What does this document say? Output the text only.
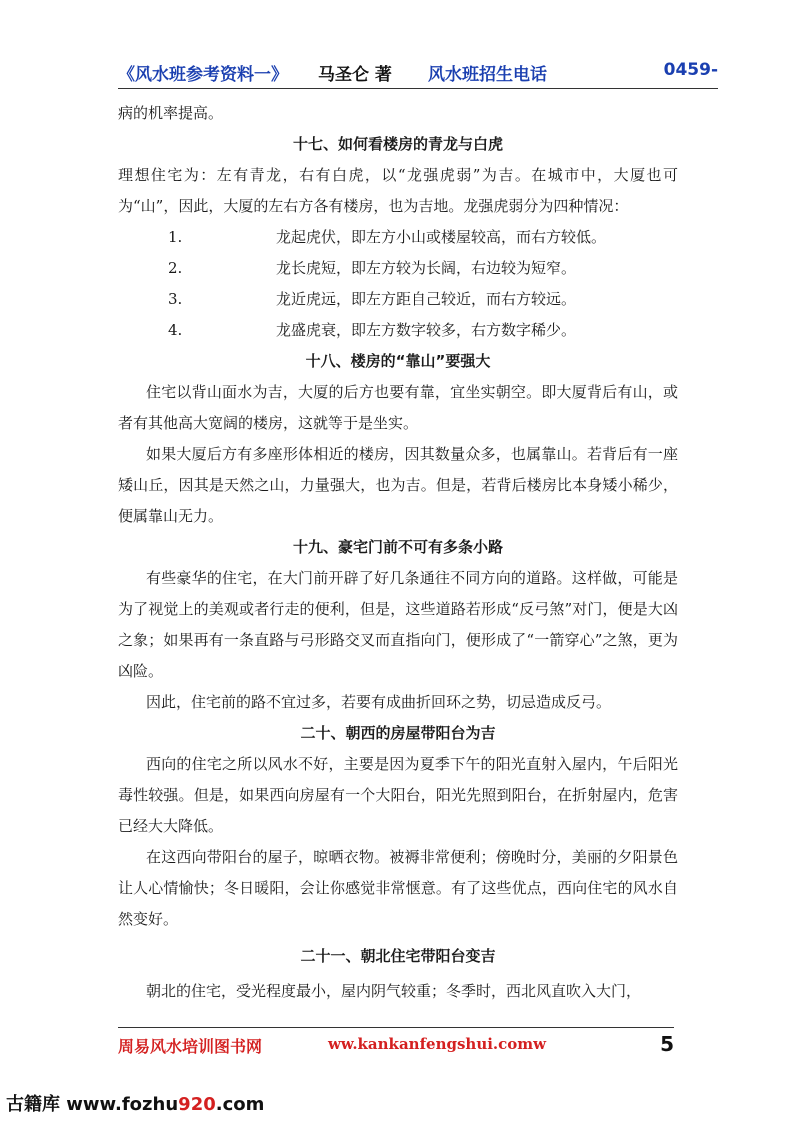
《风水班参考资料一》 马圣仑 著 风水班招生电话	0459-

病的机率提高。

十七、如何看楼房的青龙与白虎

理想住宅为：左有青龙，右有白虎，以“龙强虎弱”为吉。在城市中，大厦也可为“山”，因此，大厦的左右方各有楼房，也为吉地。龙强虎弱分为四种情况：

1.	龙起虎伏，即左方小山或楼屋较高，而右方较低。
2.	龙长虎短，即左方较为长阔，右边较为短窄。
3.	龙近虎远，即左方距自己较近，而右方较远。
4.	龙盛虎衰，即左方数字较多，右方数字稀少。
十八、楼房的“靠山”要强大

住宅以背山面水为吉，大厦的后方也要有靠，宜坐实朝空。即大厦背后有山，或者有其他高大宽阔的楼房，这就等于是坐实。

如果大厦后方有多座形体相近的楼房，因其数量众多，也属靠山。若背后有一座矮山丘，因其是天然之山，力量强大，也为吉。但是，若背后楼房比本身矮小稀少，便属靠山无力。

十九、豪宅门前不可有多条小路

有些豪华的住宅，在大门前开辟了好几条通往不同方向的道路。这样做，可能是为了视觉上的美观或者行走的便利，但是，这些道路若形成“反弓煞”对门，便是大凶之象；如果再有一条直路与弓形路交叉而直指向门，便形成了“一箭穿心”之煞，更为凶险。

因此，住宅前的路不宜过多，若要有成曲折回环之势，切忌造成反弓。

二十、朝西的房屋带阳台为吉

西向的住宅之所以风水不好，主要是因为夏季下午的阳光直射入屋内，午后阳光毒性较强。但是，如果西向房屋有一个大阳台，阳光先照到阳台，在折射屋内，危害已经大大降低。

在这西向带阳台的屋子，晾晒衣物。被褥非常便利；傍晚时分，美丽的夕阳景色让人心情愉快；冬日暖阳，会让你感觉非常惬意。有了这些优点，西向住宅的风水自然变好。

二十一、朝北住宅带阳台变吉

朝北的住宅，受光程度最小，屋内阴气较重；冬季时，西北风直吹入大门，

周易风水培训图书网	ww.kankanfengshui.comw	5
古籍库 www.fozhu920.com
